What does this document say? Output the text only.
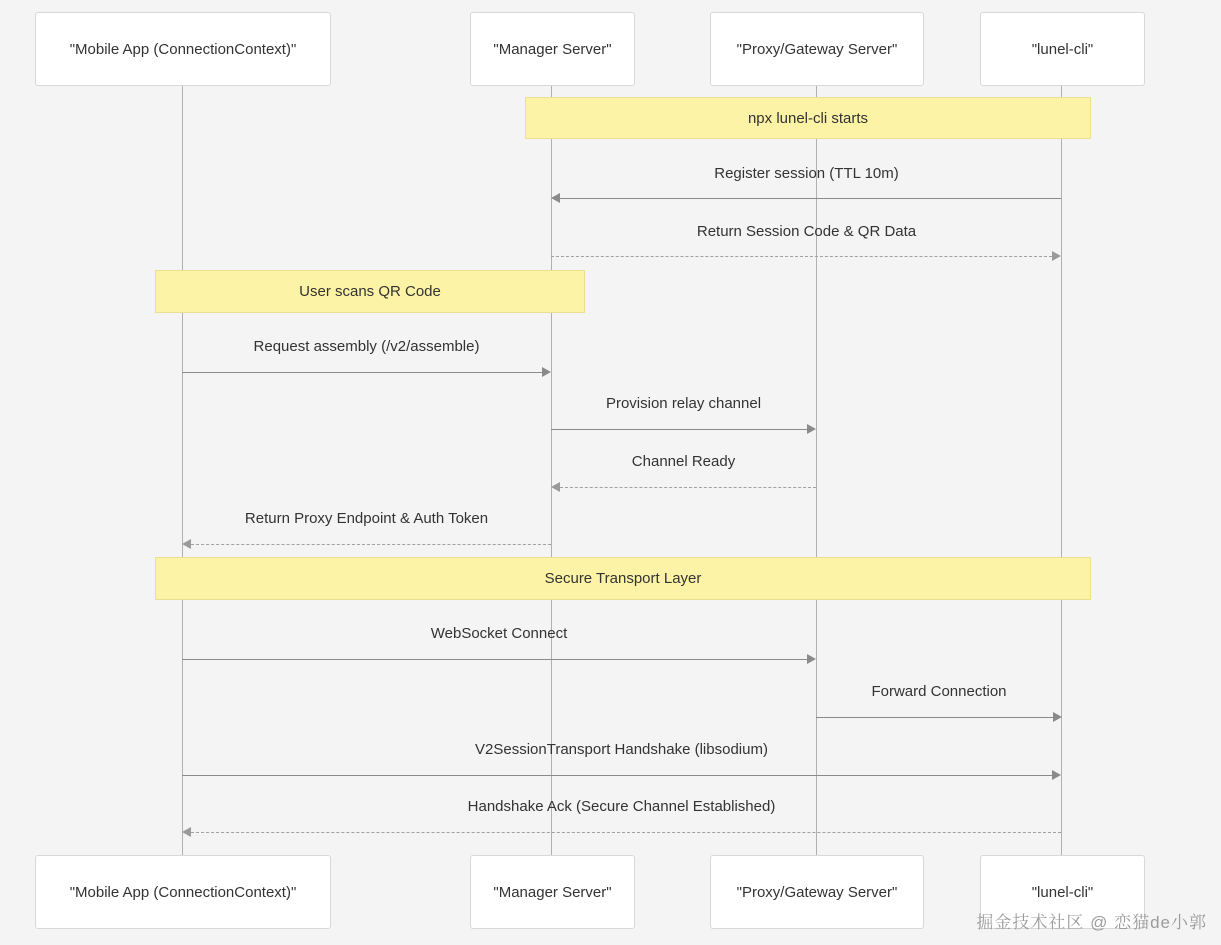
"Mobile App (ConnectionContext)"	"Manager Server"	"Proxy/Gateway Server"	"lunel-cli"
npx lunel-cli starts
User scans QR Code
Secure Transport Layer
Register session (TTL 10m)
Return Session Code & QR Data
Request assembly (/v2/assemble)
Provision relay channel
Channel Ready
Return Proxy Endpoint & Auth Token
WebSocket Connect
Forward Connection
V2SessionTransport Handshake (libsodium)
Handshake Ack (Secure Channel Established)
"Mobile App (ConnectionContext)"	"Manager Server"	"Proxy/Gateway Server"	"lunel-cli"
掘金技术社区 @ 恋猫de小郭
